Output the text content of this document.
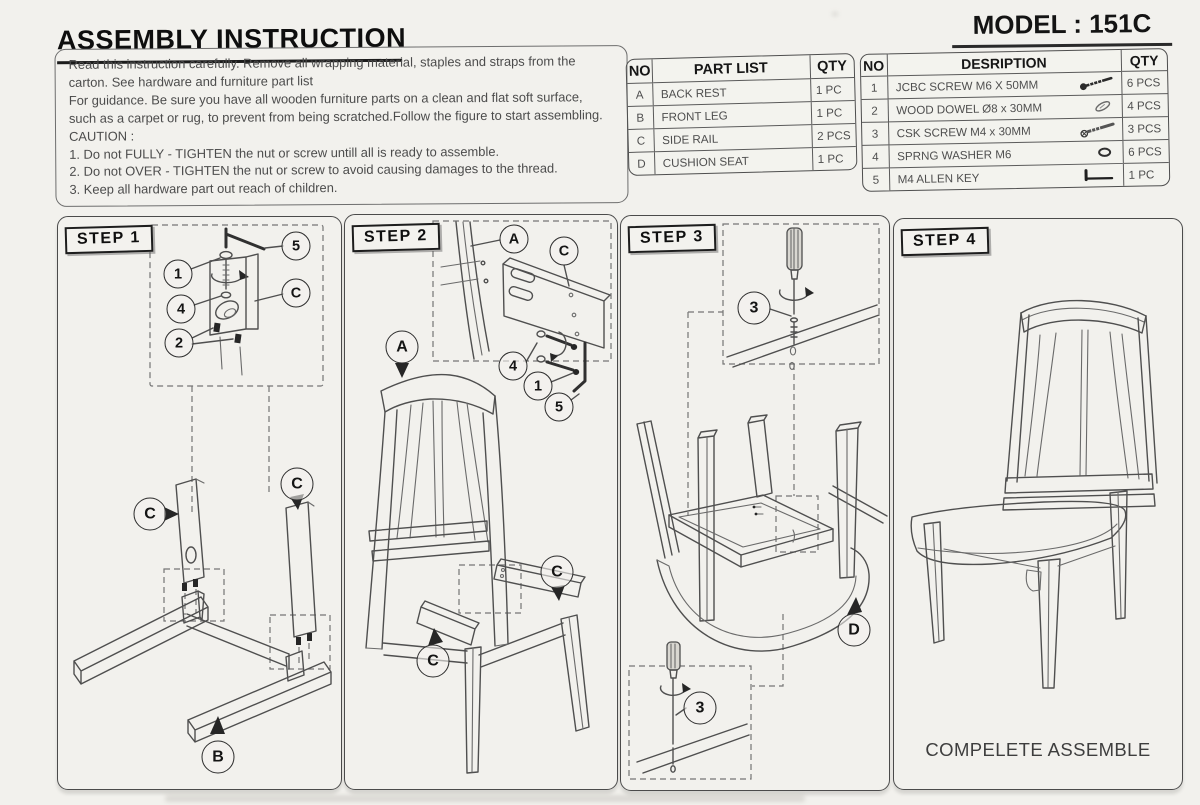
ASSEMBLY INSTRUCTION	MODEL : 151C
Read this instruction carefully. Remove all wrapping material, staples and straps from the
carton. See hardware and furniture part list
For guidance. Be sure you have all wooden furniture parts on a clean and flat soft surface,
such as a carpet or rug, to prevent from being scratched.Follow the figure to start assembling.
CAUTION :
1. Do not FULLY - TIGHTEN the nut or screw untill all is ready to assemble.
2. Do not OVER - TIGHTEN the nut or screw to avoid causing damages to the thread.
3. Keep all hardware part out reach of children.
NO	PART LIST	QTY
A	BACK REST	1 PC
B	FRONT LEG	1 PC
C	SIDE RAIL	2 PCS
D	CUSHION SEAT	1 PC
NO	DESRIPTION	QTY
1	JCBC SCREW M6 X 50MM	6 PCS
2	WOOD DOWEL Ø8 x 30MM	4 PCS
3	CSK SCREW M4 x 30MM	3 PCS
4	SPRNG WASHER M6	6 PCS
5	M4 ALLEN KEY	1 PC
STEP 1	5
1
4
C
2
C
C
B
STEP 2	A
C
4
1
5
A
C
C
STEP 3
3
D
3
STEP 4
COMPELETE ASSEMBLE
